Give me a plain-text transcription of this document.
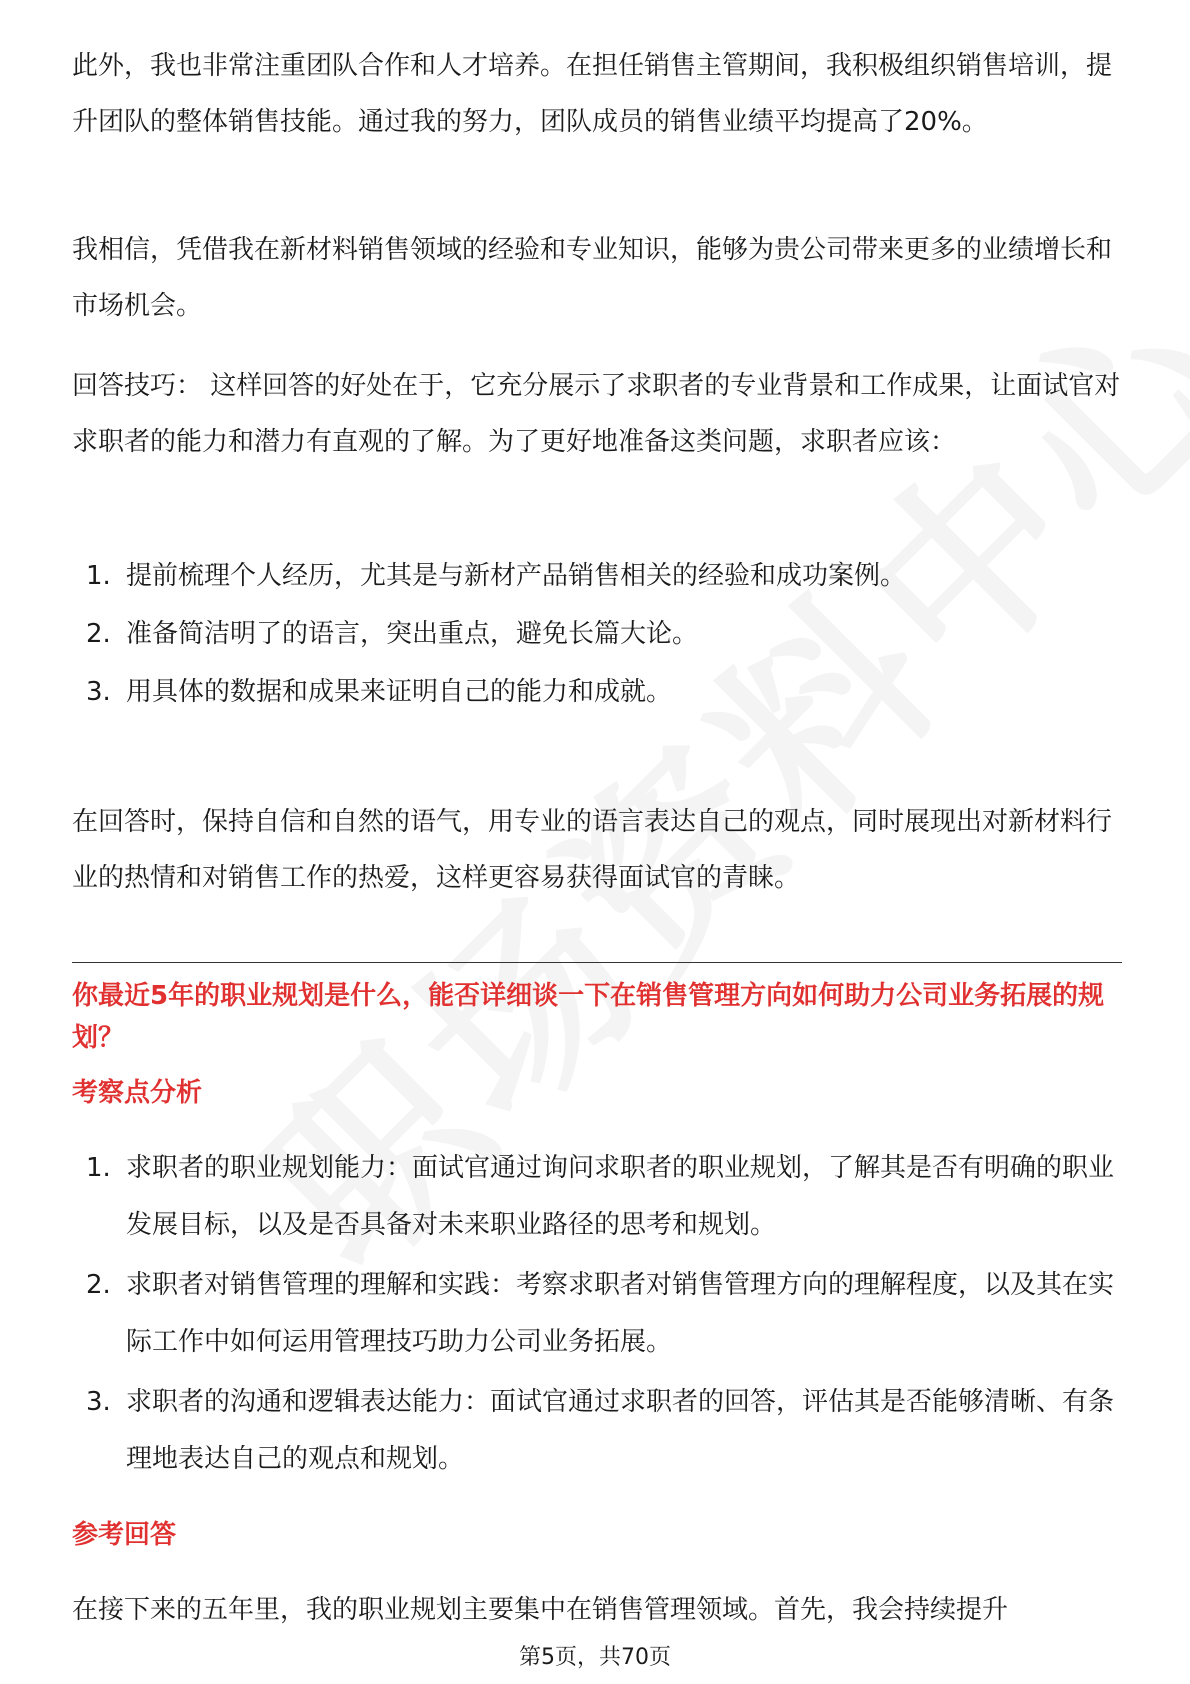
此外，我也非常注重团队合作和人才培养。在担任销售主管期间，我积极组织销售培训，提升团队的整体销售技能。通过我的努力，团队成员的销售业绩平均提高了20%。

我相信，凭借我在新材料销售领域的经验和专业知识，能够为贵公司带来更多的业绩增长和市场机会。

回答技巧： 这样回答的好处在于，它充分展示了求职者的专业背景和工作成果，让面试官对求职者的能力和潜力有直观的了解。为了更好地准备这类问题，求职者应该：

1. 提前梳理个人经历，尤其是与新材产品销售相关的经验和成功案例。
2. 准备简洁明了的语言，突出重点，避免长篇大论。
3. 用具体的数据和成果来证明自己的能力和成就。

在回答时，保持自信和自然的语气，用专业的语言表达自己的观点，同时展现出对新材料行业的热情和对销售工作的热爱，这样更容易获得面试官的青睐。

你最近5年的职业规划是什么，能否详细谈一下在销售管理方向如何助力公司业务拓展的规划？

考察点分析

1. 求职者的职业规划能力：面试官通过询问求职者的职业规划，了解其是否有明确的职业发展目标，以及是否具备对未来职业路径的思考和规划。
2. 求职者对销售管理的理解和实践：考察求职者对销售管理方向的理解程度，以及其在实际工作中如何运用管理技巧助力公司业务拓展。
3. 求职者的沟通和逻辑表达能力：面试官通过求职者的回答，评估其是否能够清晰、有条理地表达自己的观点和规划。

参考回答

在接下来的五年里，我的职业规划主要集中在销售管理领域。首先，我会持续提升

第5页，共70页
